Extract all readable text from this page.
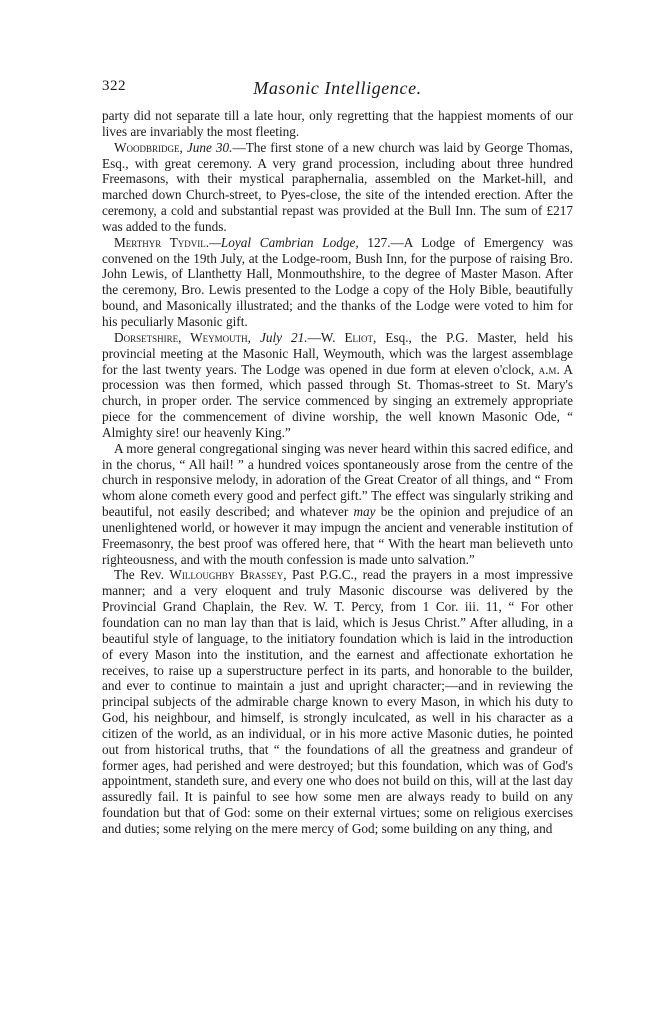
322	Masonic Intelligence.

party did not separate till a late hour, only regretting that the happiest moments of our lives are invariably the most fleeting.

Woodbridge, June 30.—The first stone of a new church was laid by George Thomas, Esq., with great ceremony. A very grand procession, including about three hundred Freemasons, with their mystical paraphernalia, assembled on the Market-hill, and marched down Church-street, to Pyes-close, the site of the intended erection. After the ceremony, a cold and substantial repast was provided at the Bull Inn. The sum of £217 was added to the funds.

Merthyr Tydvil.—Loyal Cambrian Lodge, 127.—A Lodge of Emergency was convened on the 19th July, at the Lodge-room, Bush Inn, for the purpose of raising Bro. John Lewis, of Llanthetty Hall, Monmouthshire, to the degree of Master Mason. After the ceremony, Bro. Lewis presented to the Lodge a copy of the Holy Bible, beautifully bound, and Masonically illustrated; and the thanks of the Lodge were voted to him for his peculiarly Masonic gift.

Dorsetshire, Weymouth, July 21.—W. Eliot, Esq., the P.G. Master, held his provincial meeting at the Masonic Hall, Weymouth, which was the largest assemblage for the last twenty years. The Lodge was opened in due form at eleven o'clock, a.m. A procession was then formed, which passed through St. Thomas-street to St. Mary's church, in proper order. The service commenced by singing an extremely appropriate piece for the commencement of divine worship, the well known Masonic Ode, “ Almighty sire! our heavenly King.”

A more general congregational singing was never heard within this sacred edifice, and in the chorus, “ All hail! ” a hundred voices spontaneously arose from the centre of the church in responsive melody, in adoration of the Great Creator of all things, and “ From whom alone cometh every good and perfect gift.” The effect was singularly striking and beautiful, not easily described; and whatever may be the opinion and prejudice of an unenlightened world, or however it may impugn the ancient and venerable institution of Freemasonry, the best proof was offered here, that “ With the heart man believeth unto righteousness, and with the mouth confession is made unto salvation.”

The Rev. Willoughby Brassey, Past P.G.C., read the prayers in a most impressive manner; and a very eloquent and truly Masonic discourse was delivered by the Provincial Grand Chaplain, the Rev. W. T. Percy, from 1 Cor. iii. 11, “ For other foundation can no man lay than that is laid, which is Jesus Christ.” After alluding, in a beautiful style of language, to the initiatory foundation which is laid in the introduction of every Mason into the institution, and the earnest and affectionate exhortation he receives, to raise up a superstructure perfect in its parts, and honorable to the builder, and ever to continue to maintain a just and upright character;—and in reviewing the principal subjects of the admirable charge known to every Mason, in which his duty to God, his neighbour, and himself, is strongly inculcated, as well in his character as a citizen of the world, as an individual, or in his more active Masonic duties, he pointed out from historical truths, that “ the foundations of all the greatness and grandeur of former ages, had perished and were destroyed; but this foundation, which was of God's appointment, standeth sure, and every one who does not build on this, will at the last day assuredly fail. It is painful to see how some men are always ready to build on any foundation but that of God: some on their external virtues; some on religious exercises and duties; some relying on the mere mercy of God; some building on any thing, and
